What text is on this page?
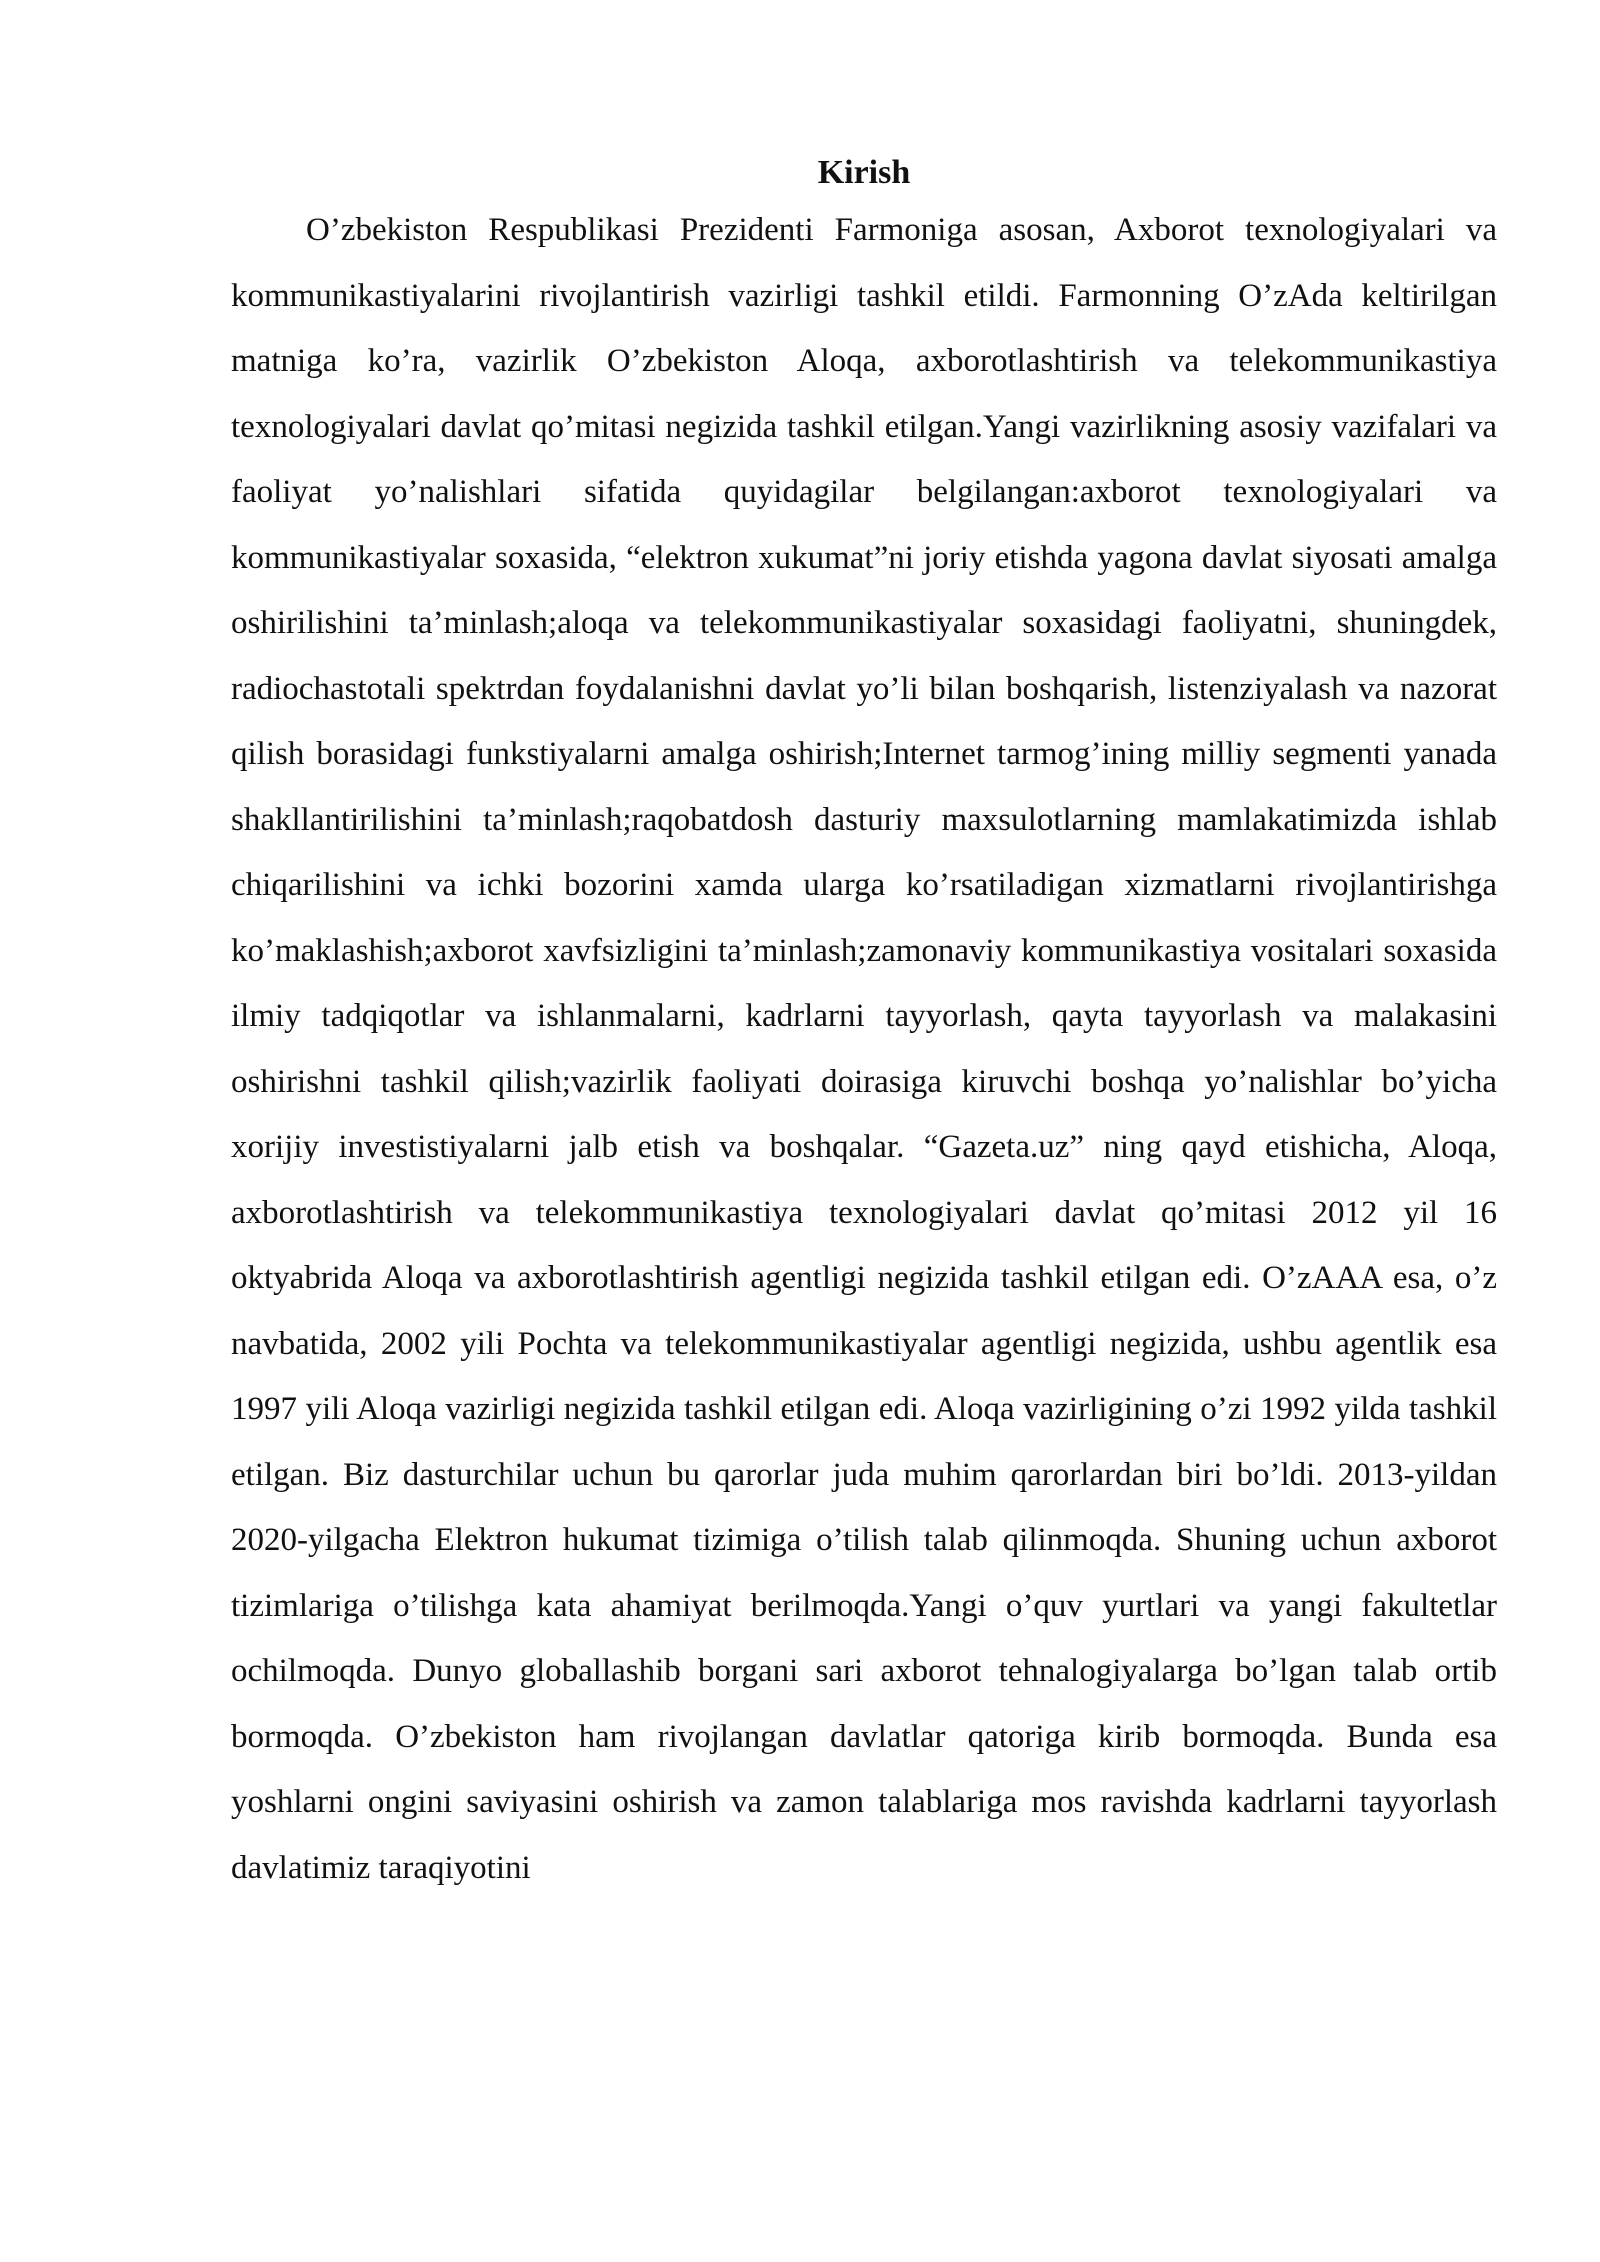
Kirish

O’zbekiston Respublikasi Prezidenti Farmoniga asosan, Axborot texnologiyalari va kommunikastiyalarini rivojlantirish vazirligi tashkil etildi. Farmonning O’zAda keltirilgan matniga ko’ra, vazirlik O’zbekiston Aloqa, axborotlashtirish va telekommunikastiya texnologiyalari davlat qo’mitasi negizida tashkil etilgan.Yangi vazirlikning asosiy vazifalari va faoliyat yo’nalishlari sifatida quyidagilar belgilangan:axborot texnologiyalari va kommunikastiyalar soxasida, “elektron xukumat”ni joriy etishda yagona davlat siyosati amalga oshirilishini ta’minlash;aloqa va telekommunikastiyalar soxasidagi faoliyatni, shuningdek, radiochastotali spektrdan foydalanishni davlat yo’li bilan boshqarish, listenziyalash va nazorat qilish borasidagi funkstiyalarni amalga oshirish;Internet tarmog’ining milliy segmenti yanada shakllantirilishini ta’minlash;raqobatdosh dasturiy maxsulotlarning mamlakatimizda ishlab chiqarilishini va ichki bozorini xamda ularga ko’rsatiladigan xizmatlarni rivojlantirishga ko’maklashish;axborot xavfsizligini ta’minlash;zamonaviy kommunikastiya vositalari soxasida ilmiy tadqiqotlar va ishlanmalarni, kadrlarni tayyorlash, qayta tayyorlash va malakasini oshirishni tashkil qilish;vazirlik faoliyati doirasiga kiruvchi boshqa yo’nalishlar bo’yicha xorijiy investistiyalarni jalb etish va boshqalar. “Gazeta.uz” ning qayd etishicha, Aloqa, axborotlashtirish va telekommunikastiya texnologiyalari davlat qo’mitasi 2012 yil 16 oktyabrida Aloqa va axborotlashtirish agentligi negizida tashkil etilgan edi. O’zAAA esa, o’z navbatida, 2002 yili Pochta va telekommunikastiyalar agentligi negizida, ushbu agentlik esa 1997 yili Aloqa vazirligi negizida tashkil etilgan edi. Aloqa vazirligining o’zi 1992 yilda tashkil etilgan. Biz dasturchilar uchun bu qarorlar juda muhim qarorlardan biri bo’ldi. 2013-yildan 2020-yilgacha Elektron hukumat tizimiga o’tilish talab qilinmoqda. Shuning uchun axborot tizimlariga o’tilishga kata ahamiyat berilmoqda.Yangi o’quv yurtlari va yangi fakultetlar ochilmoqda. Dunyo globallashib borgani sari axborot tehnalogiyalarga bo’lgan talab ortib bormoqda. O’zbekiston ham rivojlangan davlatlar qatoriga kirib bormoqda. Bunda esa yoshlarni ongini saviyasini oshirish va zamon talablariga mos ravishda kadrlarni tayyorlash davlatimiz taraqiyotini
